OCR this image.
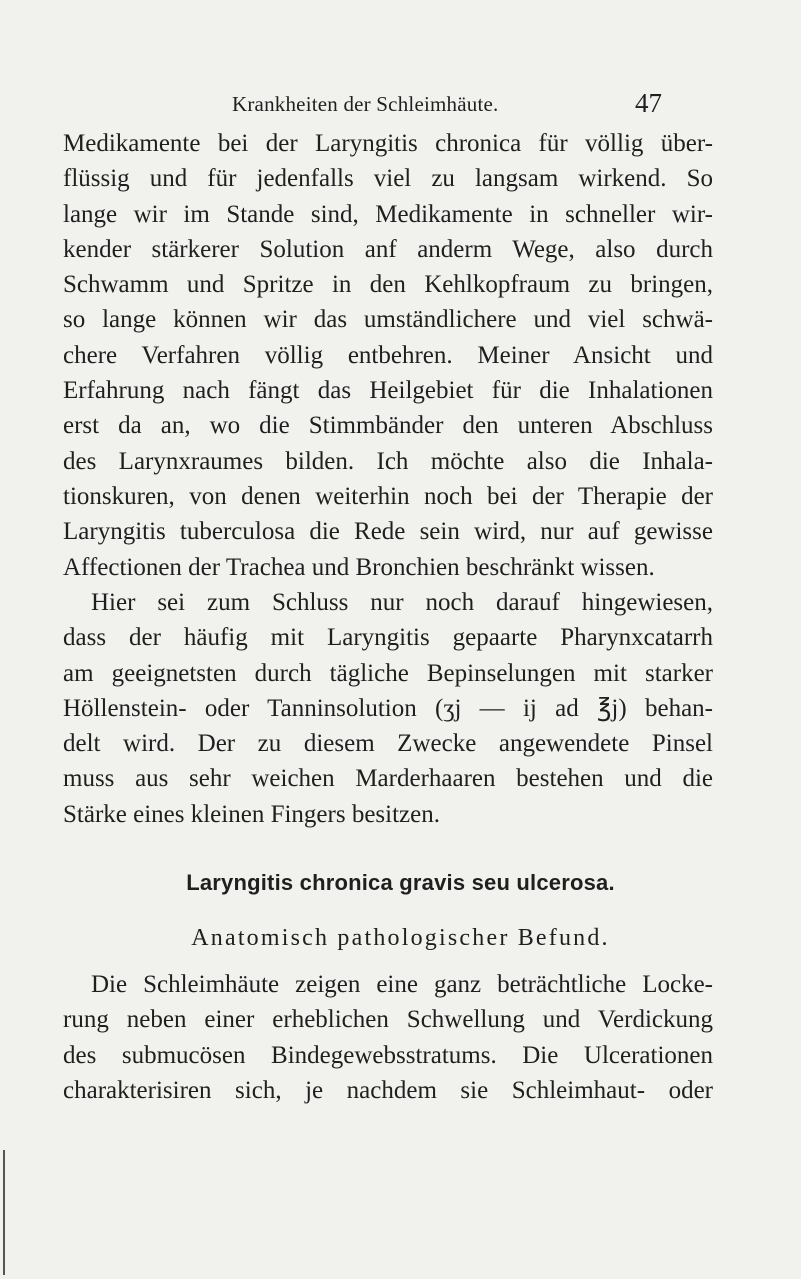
Krankheiten der Schleimhäute.	47
Medikamente bei der Laryngitis chronica für völlig über-
flüssig und für jedenfalls viel zu langsam wirkend. So
lange wir im Stande sind, Medikamente in schneller wir-
kender stärkerer Solution anf anderm Wege, also durch
Schwamm und Spritze in den Kehlkopfraum zu bringen,
so lange können wir das umständlichere und viel schwä-
chere Verfahren völlig entbehren. Meiner Ansicht und
Erfahrung nach fängt das Heilgebiet für die Inhalationen
erst da an, wo die Stimmbänder den unteren Abschluss
des Larynxraumes bilden. Ich möchte also die Inhala-
tionskuren, von denen weiterhin noch bei der Therapie der
Laryngitis tuberculosa die Rede sein wird, nur auf gewisse
Affectionen der Trachea und Bronchien beschränkt wissen.
Hier sei zum Schluss nur noch darauf hingewiesen,
dass der häufig mit Laryngitis gepaarte Pharynxcatarrh
am geeignetsten durch tägliche Bepinselungen mit starker
Höllenstein- oder Tanninsolution (ʒj — ij ad ℥j) behan-
delt wird. Der zu diesem Zwecke angewendete Pinsel
muss aus sehr weichen Marderhaaren bestehen und die
Stärke eines kleinen Fingers besitzen.
Laryngitis chronica gravis seu ulcerosa.
Anatomisch pathologischer Befund.
Die Schleimhäute zeigen eine ganz beträchtliche Locke-
rung neben einer erheblichen Schwellung und Verdickung
des submucösen Bindegewebsstratums. Die Ulcerationen
charakterisiren sich, je nachdem sie Schleimhaut- oder
